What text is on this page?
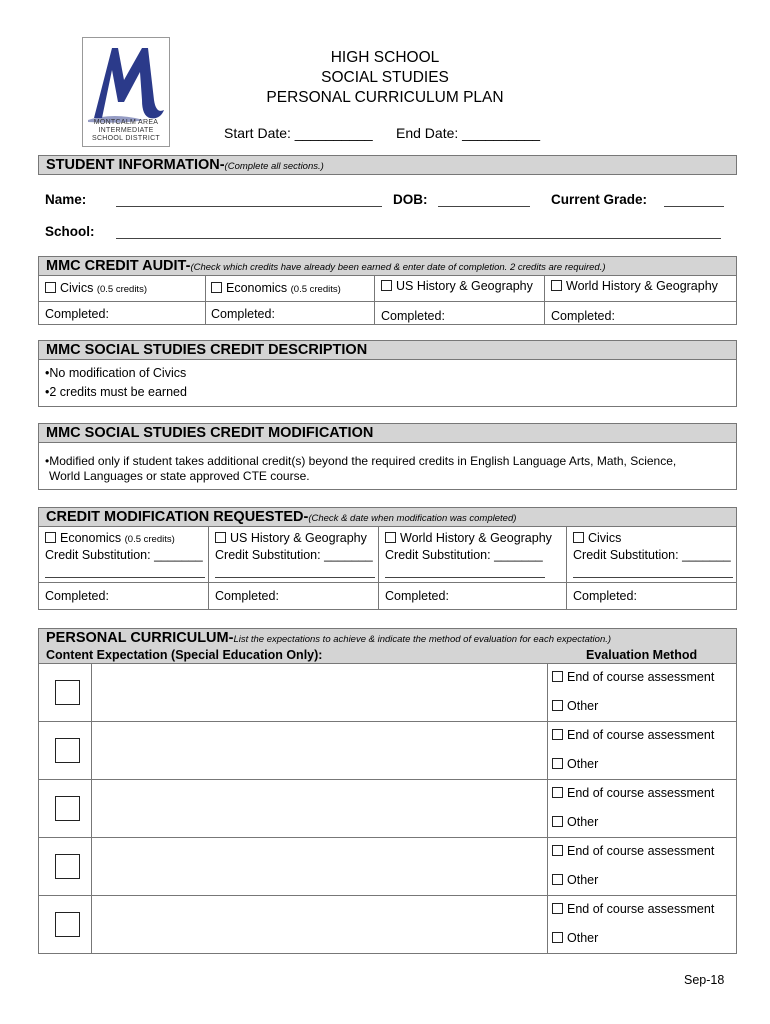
MONTCALM AREA
INTERMEDIATE
SCHOOL DISTRICT
HIGH SCHOOL
SOCIAL STUDIES
PERSONAL CURRICULUM PLAN
Start Date: __________ End Date: __________
STUDENT INFORMATION-(Complete all sections.)
Name:	DOB:	Current Grade:
School:
MMC CREDIT AUDIT-(Check which credits have already been earned & enter date of completion. 2 credits are required.)
Civics (0.5 credits)	Economics (0.5 credits)	US History & Geography	World History & Geography
Completed:	Completed:	Completed:	Completed:
MMC SOCIAL STUDIES CREDIT DESCRIPTION
•No modification of Civics
•2 credits must be earned
MMC SOCIAL STUDIES CREDIT MODIFICATION
•Modified only if student takes additional credit(s) beyond the required credits in English Language Arts, Math, Science,
World Languages or state approved CTE course.
CREDIT MODIFICATION REQUESTED-(Check & date when modification was completed)
Economics (0.5 credits)	US History & Geography	World History & Geography	Civics
Credit Substitution: _______ Credit Substitution: _______ Credit Substitution: _______ Credit Substitution: _______
Completed:	Completed:	Completed:	Completed:
PERSONAL CURRICULUM-List the expectations to achieve & indicate the method of evaluation for each expectation.)
Content Expectation (Special Education Only):	Evaluation Method
End of course assessment
Other
End of course assessment
Other
End of course assessment
Other
End of course assessment
Other
End of course assessment
Other
Sep-18
